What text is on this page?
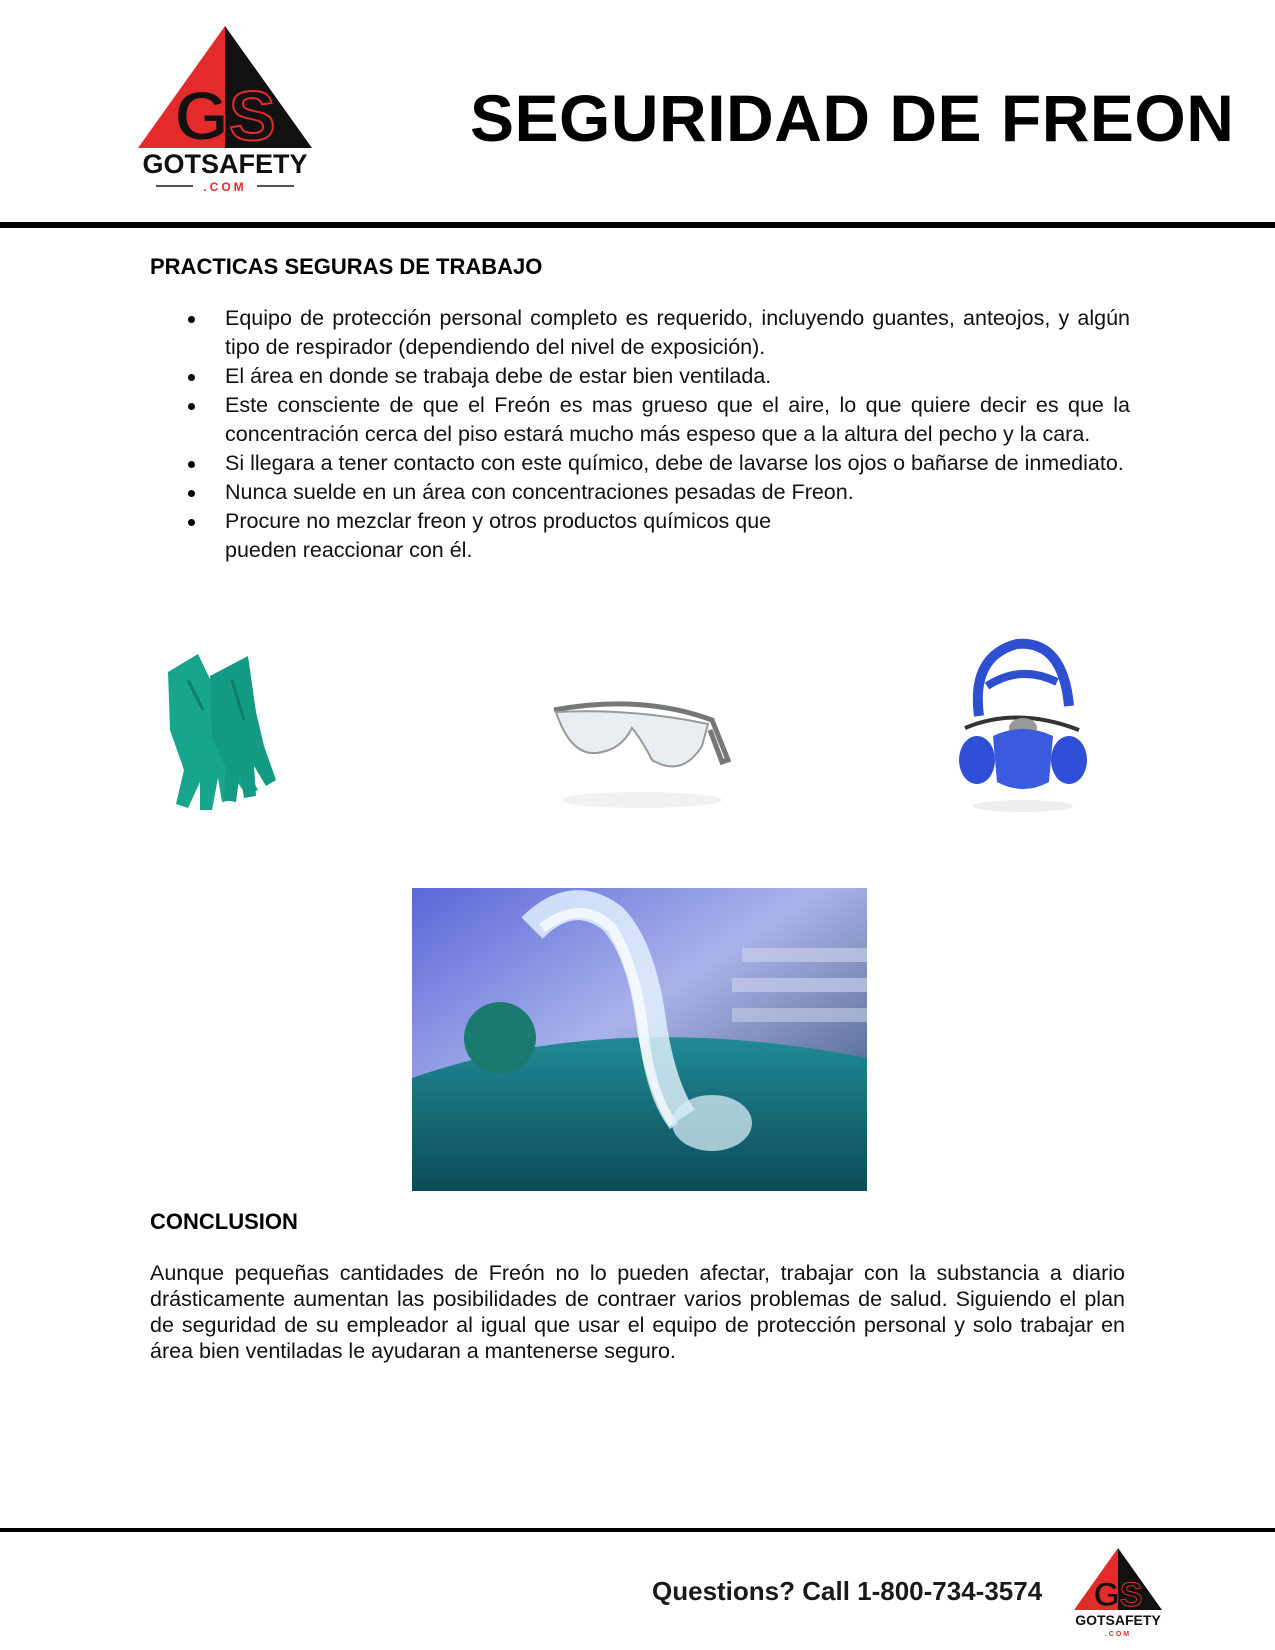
GS
GOTSAFETY
.COM
SEGURIDAD DE FREON
PRACTICAS SEGURAS DE TRABAJO
Equipo de protección personal completo es requerido, incluyendo guantes, anteojos, y algún tipo de respirador (dependiendo del nivel de exposición).
El área en donde se trabaja debe de estar bien ventilada.
Este consciente de que el Freón es mas grueso que el aire, lo que quiere decir es que la concentración cerca del piso estará mucho más espeso que a la altura del pecho y la cara.
Si llegara a tener contacto con este químico, debe de lavarse los ojos o bañarse de inmediato.
Nunca suelde en un área con concentraciones pesadas de Freon.
Procure no mezclar freon y otros productos químicos que pueden reaccionar con él.
CONCLUSION

Aunque pequeñas cantidades de Freón no lo pueden afectar, trabajar con la substancia a diario drásticamente aumentan las posibilidades de contraer varios problemas de salud. Siguiendo el plan de seguridad de su empleador al igual que usar el equipo de protección personal y solo trabajar en área bien ventiladas le ayudaran a mantenerse seguro.

Questions? Call 1-800-734-3574 GS
GOTSAFETY
.COM
